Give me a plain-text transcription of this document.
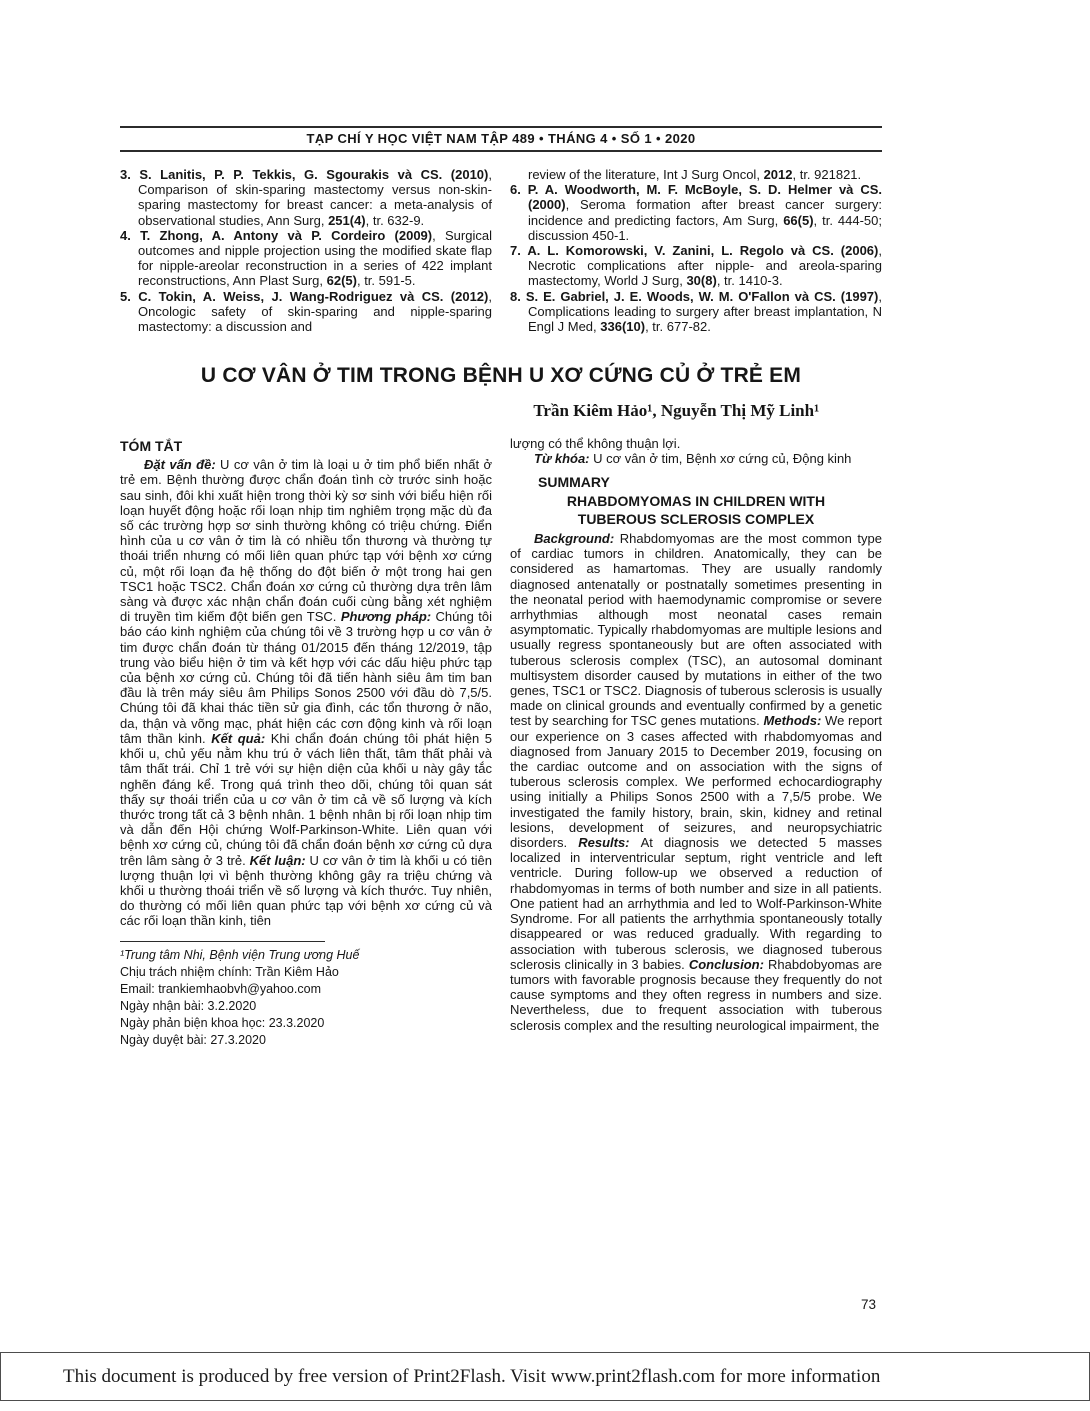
TẠP CHÍ Y HỌC VIỆT NAM TẬP 489 • THÁNG 4 • SỐ 1 • 2020

3. S. Lanitis, P. P. Tekkis, G. Sgourakis và CS. (2010), Comparison of skin-sparing mastectomy versus non-skin-sparing mastectomy for breast cancer: a meta-analysis of observational studies, Ann Surg, 251(4), tr. 632-9.

4. T. Zhong, A. Antony và P. Cordeiro (2009), Surgical outcomes and nipple projection using the modified skate flap for nipple-areolar reconstruction in a series of 422 implant reconstructions, Ann Plast Surg, 62(5), tr. 591-5.

5. C. Tokin, A. Weiss, J. Wang-Rodriguez và CS. (2012), Oncologic safety of skin-sparing and nipple-sparing mastectomy: a discussion and

review of the literature, Int J Surg Oncol, 2012, tr. 921821.

6. P. A. Woodworth, M. F. McBoyle, S. D. Helmer và CS. (2000), Seroma formation after breast cancer surgery: incidence and predicting factors, Am Surg, 66(5), tr. 444-50; discussion 450-1.

7. A. L. Komorowski, V. Zanini, L. Regolo và CS. (2006), Necrotic complications after nipple- and areola-sparing mastectomy, World J Surg, 30(8), tr. 1410-3.

8. S. E. Gabriel, J. E. Woods, W. M. O'Fallon và CS. (1997), Complications leading to surgery after breast implantation, N Engl J Med, 336(10), tr. 677-82.

U CƠ VÂN Ở TIM TRONG BỆNH U XƠ CỨNG CỦ Ở TRẺ EM
Trần Kiêm Hảo¹, Nguyễn Thị Mỹ Linh¹
TÓM TẮT

Đặt vấn đề: U cơ vân ở tim là loại u ở tim phổ biến nhất ở trẻ em. Bệnh thường được chẩn đoán tình cờ trước sinh hoặc sau sinh, đôi khi xuất hiện trong thời kỳ sơ sinh với biểu hiện rối loạn huyết động hoặc rối loạn nhịp tim nghiêm trọng mặc dù đa số các trường hợp sơ sinh thường không có triệu chứng. Điển hình của u cơ vân ở tim là có nhiều tổn thương và thường tự thoái triển nhưng có mối liên quan phức tạp với bệnh xơ cứng củ, một rối loạn đa hệ thống do đột biến ở một trong hai gen TSC1 hoặc TSC2. Chẩn đoán xơ cứng củ thường dựa trên lâm sàng và được xác nhận chẩn đoán cuối cùng bằng xét nghiệm di truyền tìm kiếm đột biến gen TSC. Phương pháp: Chúng tôi báo cáo kinh nghiệm của chúng tôi về 3 trường hợp u cơ vân ở tim được chẩn đoán từ tháng 01/2015 đến tháng 12/2019, tập trung vào biểu hiện ở tim và kết hợp với các dấu hiệu phức tạp của bệnh xơ cứng củ. Chúng tôi đã tiến hành siêu âm tim ban đầu là trên máy siêu âm Philips Sonos 2500 với đầu dò 7,5/5. Chúng tôi đã khai thác tiền sử gia đình, các tổn thương ở não, da, thận và võng mạc, phát hiện các cơn động kinh và rối loạn tâm thần kinh. Kết quả: Khi chẩn đoán chúng tôi phát hiện 5 khối u, chủ yếu nằm khu trú ở vách liên thất, tâm thất phải và tâm thất trái. Chỉ 1 trẻ với sự hiện diện của khối u này gây tắc nghẽn đáng kể. Trong quá trình theo dõi, chúng tôi quan sát thấy sự thoái triển của u cơ vân ở tim cả về số lượng và kích thước trong tất cả 3 bệnh nhân. 1 bệnh nhân bị rối loạn nhịp tim và dẫn đến Hội chứng Wolf-Parkinson-White. Liên quan với bệnh xơ cứng củ, chúng tôi đã chẩn đoán bệnh xơ cứng củ dựa trên lâm sàng ở 3 trẻ. Kết luận: U cơ vân ở tim là khối u có tiên lượng thuận lợi vì bệnh thường không gây ra triệu chứng và khối u thường thoái triển về số lượng và kích thước. Tuy nhiên, do thường có mối liên quan phức tạp với bệnh xơ cứng củ và các rối loạn thần kinh, tiên

¹Trung tâm Nhi, Bệnh viện Trung ương Huế
Chịu trách nhiệm chính: Trần Kiêm Hảo
Email: trankiemhaobvh@yahoo.com
Ngày nhận bài: 3.2.2020
Ngày phản biện khoa học: 23.3.2020
Ngày duyệt bài: 27.3.2020

lượng có thể không thuận lợi.

Từ khóa: U cơ vân ở tim, Bệnh xơ cứng củ, Động kinh

SUMMARY
RHABDOMYOMAS IN CHILDREN WITH TUBEROUS SCLEROSIS COMPLEX

Background: Rhabdomyomas are the most common type of cardiac tumors in children. Anatomically, they can be considered as hamartomas. They are usually randomly diagnosed antenatally or postnatally sometimes presenting in the neonatal period with haemodynamic compromise or severe arrhythmias although most neonatal cases remain asymptomatic. Typically rhabdomyomas are multiple lesions and usually regress spontaneously but are often associated with tuberous sclerosis complex (TSC), an autosomal dominant multisystem disorder caused by mutations in either of the two genes, TSC1 or TSC2. Diagnosis of tuberous sclerosis is usually made on clinical grounds and eventually confirmed by a genetic test by searching for TSC genes mutations. Methods: We report our experience on 3 cases affected with rhabdomyomas and diagnosed from January 2015 to December 2019, focusing on the cardiac outcome and on association with the signs of tuberous sclerosis complex. We performed echocardiography using initially a Philips Sonos 2500 with a 7,5/5 probe. We investigated the family history, brain, skin, kidney and retinal lesions, development of seizures, and neuropsychiatric disorders. Results: At diagnosis we detected 5 masses localized in interventricular septum, right ventricle and left ventricle. During follow-up we observed a reduction of rhabdomyomas in terms of both number and size in all patients. One patient had an arrhythmia and led to Wolf-Parkinson-White Syndrome. For all patients the arrhythmia spontaneously totally disappeared or was reduced gradually. With regarding to association with tuberous sclerosis, we diagnosed tuberous sclerosis clinically in 3 babies. Conclusion: Rhabdobyomas are tumors with favorable prognosis because they frequently do not cause symptoms and they often regress in numbers and size. Nevertheless, due to frequent association with tuberous sclerosis complex and the resulting neurological impairment, the

73
This document is produced by free version of Print2Flash. Visit www.print2flash.com for more information
